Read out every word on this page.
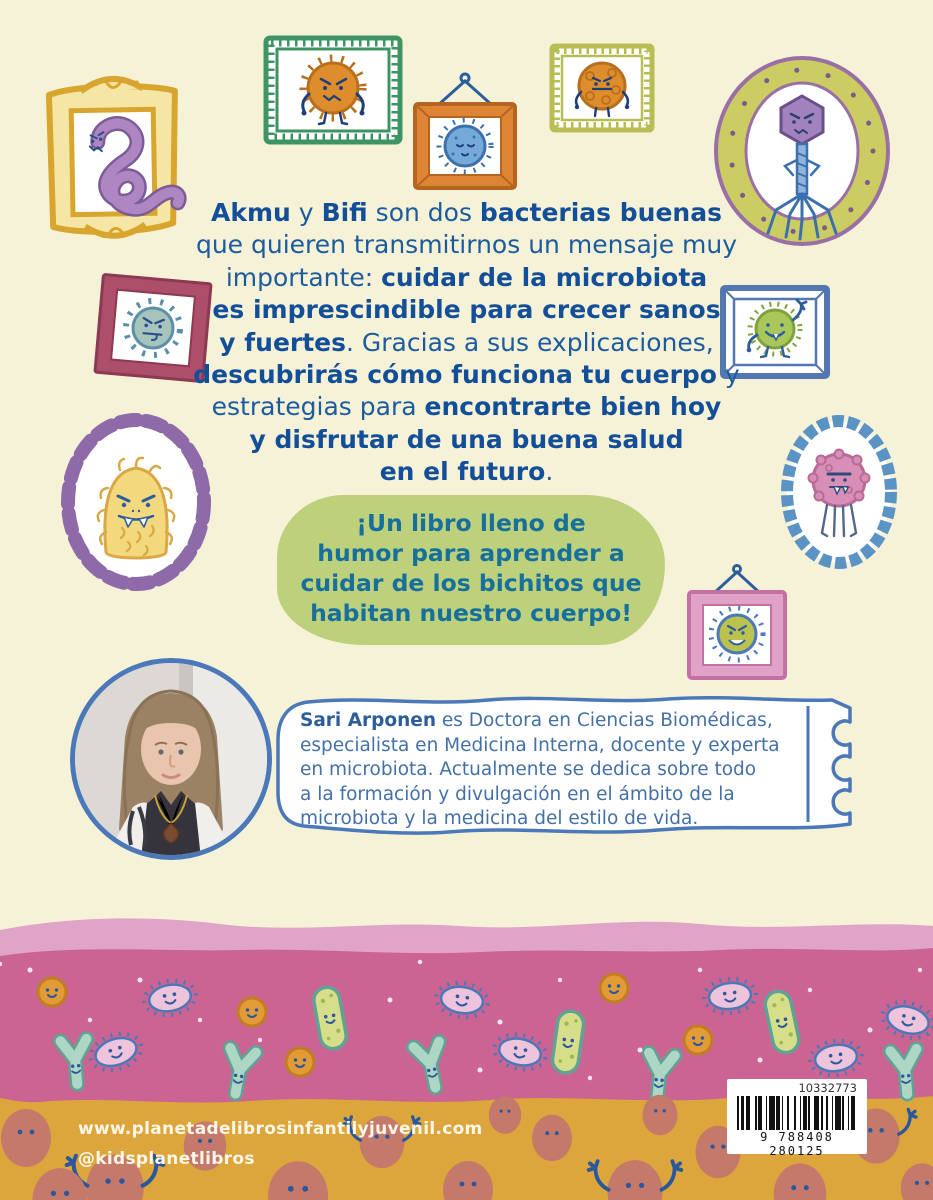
Akmu y Bifi son dos bacterias buenas
que quieren transmitirnos un mensaje muy
importante: cuidar de la microbiota
es imprescindible para crecer sanos
y fuertes. Gracias a sus explicaciones,
descubrirás cómo funciona tu cuerpo y
estrategias para encontrarte bien hoy
y disfrutar de una buena salud
en el futuro.
¡Un libro lleno de
humor para aprender a
cuidar de los bichitos que
habitan nuestro cuerpo!
Sari Arponen es Doctora en Ciencias Biomédicas,
especialista en Medicina Interna, docente y experta
en microbiota. Actualmente se dedica sobre todo
a la formación y divulgación en el ámbito de la
microbiota y la medicina del estilo de vida.
www.planetadelibrosinfantilyjuvenil.com
@kidsplanetlibros
10332773
9 788408 280125
